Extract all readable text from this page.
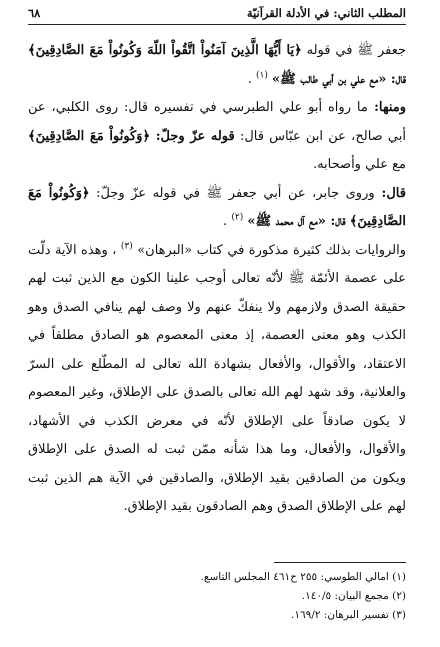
المطلب الثاني: في الأدلة القرآنيّة
٦٨

جعفر ﷺ في قوله ﴿يَا أَيُّهَا الَّذِينَ آمَنُواْ اتَّقُواْ اللّهَ وَكُونُواْ مَعَ الصَّادِقِينَ﴾ قال: «مع علي بن أبي طالب ﷺ» $^{(١)}$ .

ومنها: ما رواه أبو علي الطبرسي في تفسيره قال: روى الكلبي، عن أبي صالح، عن ابن عبّاس قال: قوله عزّ وجلّ: ﴿وَكُونُواْ مَعَ الصَّادِقِينَ﴾ مع علي وأصحابه.

قال: وروى جابر، عن أبي جعفر ﷺ في قوله عزّ وجلّ: ﴿وَكُونُواْ مَعَ الصَّادِقِينَ﴾ قال: «مع آل محمد ﷺ» $^{(٢)}$ .

والروايات بذلك كثيرة مذكورة في كتاب «البرهان» $^{(٣)}$ ، وهذه الآية دلّت على عصمة الأئمّة ﷺ لأنّه تعالى أوجب علينا الكون مع الذين ثبت لهم حقيقة الصدق ولازمهم ولا ينفكّ عنهم ولا وصف لهم ينافي الصدق وهو الكذب وهو معنى العصمة، إذ معنى المعصوم هو الصادق مطلقاً في الاعتقاد، والأقوال، والأفعال بشهادة الله تعالى له المطّلع على السرّ والعلانية، وقد شهد لهم الله تعالى بالصدق على الإطلاق، وغير المعصوم لا يكون صادقاً على الإطلاق لأنّه في معرض الكذب في الأشهاد، والأقوال، والأفعال، وما هذا شأنه ممّن ثبت له الصدق على الإطلاق ويكون من الصادقين بقيد الإطلاق، والصادقين في الآية هم الذين ثبت لهم على الإطلاق الصدق وهم الصادقون بقيد الإطلاق.

(١) امالي الطوسي: ٢٥٥ ح٤٦١ المجلس التاسع.

(٢) مجمع البيان: ١٤٠/٥.

(٣) تفسير البرهان: ١٦٩/٢.
